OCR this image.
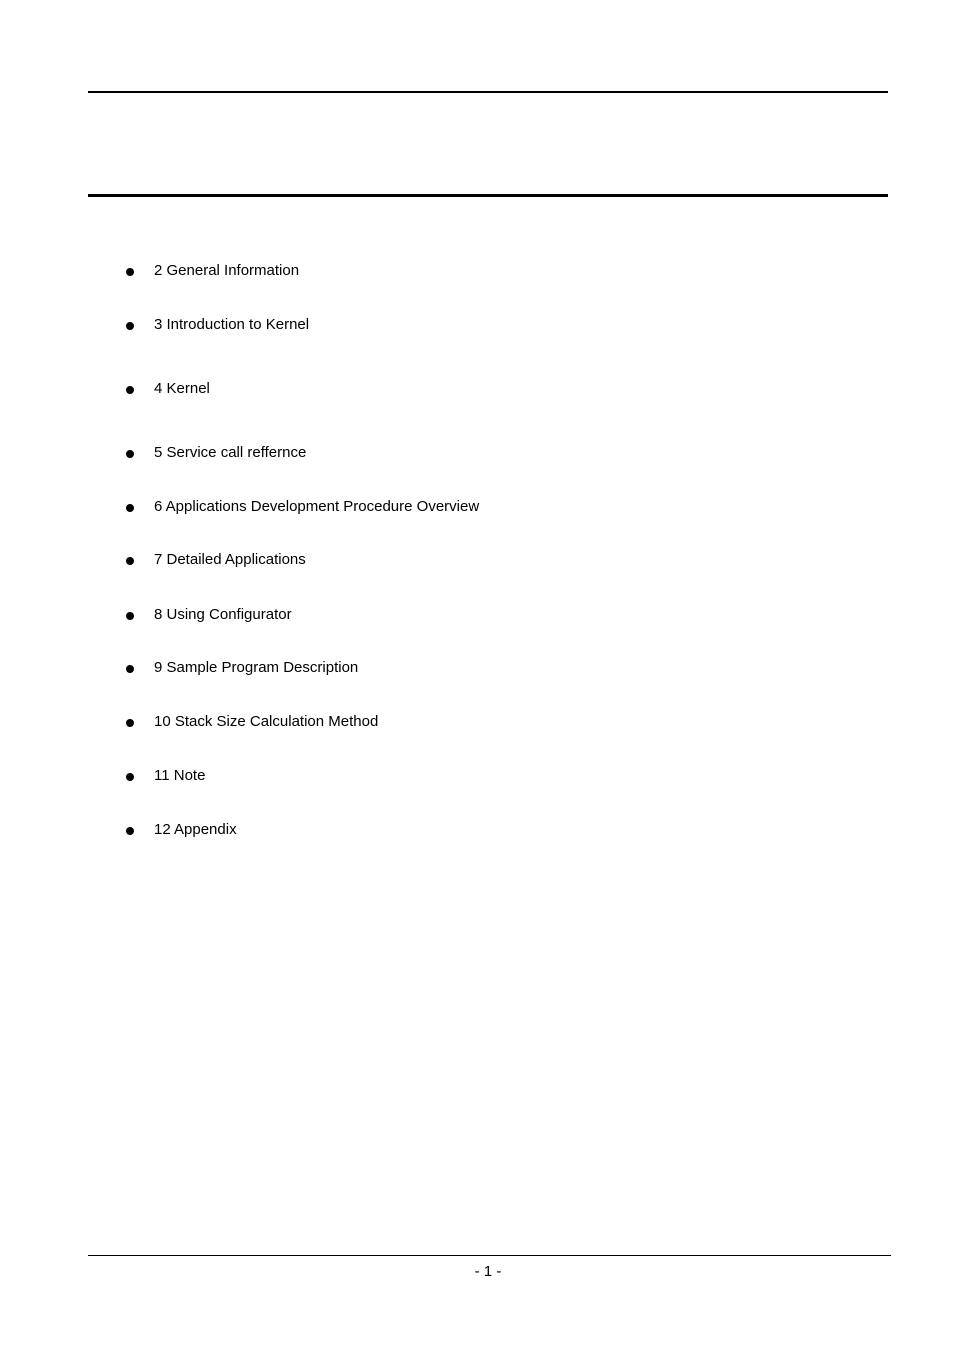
2 General Information
3 Introduction to Kernel
4 Kernel
5 Service call reffernce
6 Applications Development Procedure Overview
7 Detailed Applications
8 Using Configurator
9 Sample Program Description
10 Stack Size Calculation Method
11 Note
12 Appendix
- 1 -
